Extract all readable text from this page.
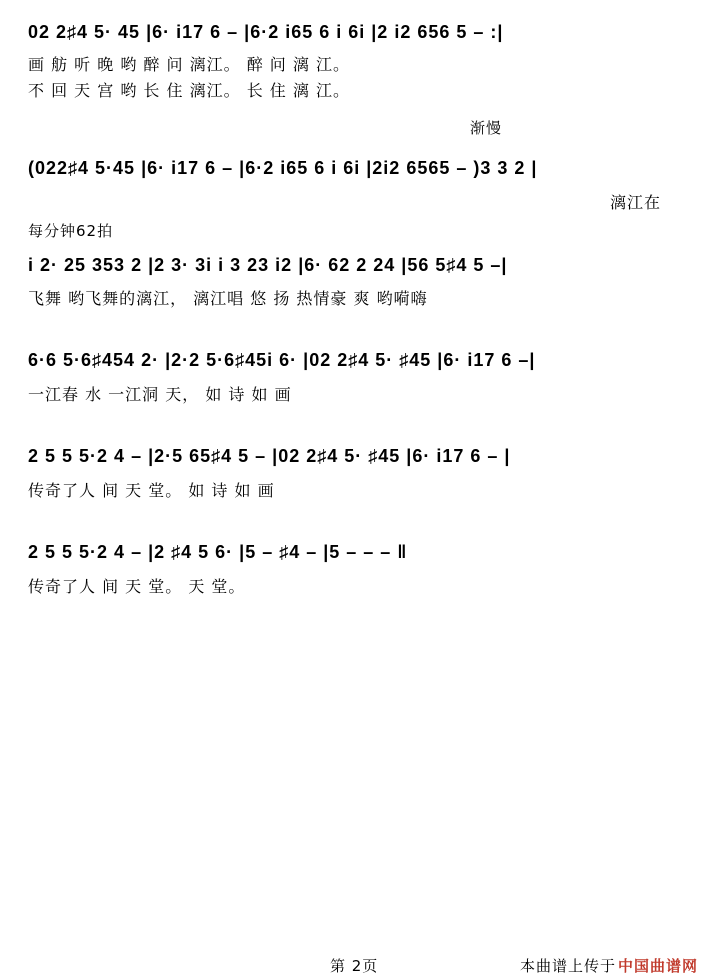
02 2♯4 5· 45 |6· i17 6 – |6·2 i65 6 i 6i |2 i2 656 5 – :|
画 舫 听 晚 哟 醉 问 漓江。 醉 问 漓 江。
不 回 天 宫 哟 长 住 漓江。 长 住 漓 江。
渐慢
(022♯4 5·45 |6· i17 6 – |6·2 i65 6 i 6i |2i2 6565 – )3 3 2 |
漓江在
每分钟62拍
i 2· 25 353 2 |2 3· 3i i 3 23 i2 |6· 62 2 24 |56 5♯4 5 –|
飞舞 哟飞舞的漓江， 漓江唱 悠 扬 热情豪 爽 哟嗬嗨
6·6 5·6♯454 2· |2·2 5·6♯45i 6· |02 2♯4 5· ♯45 |6· i17 6 –|
一江春 水 一江洞 天， 如 诗 如 画
2 5 5 5·2 4 – |2·5 65♯4 5 – |02 2♯4 5· ♯45 |6· i17 6 – |
传奇了人 间 天 堂。 如 诗 如 画
2 5 5 5·2 4 – |2 ♯4 5 6· |5 – ♯4 – |5 – – – ‖
传奇了人 间 天 堂。 天 堂。
第 2页	本曲谱上传于 中国曲谱网
